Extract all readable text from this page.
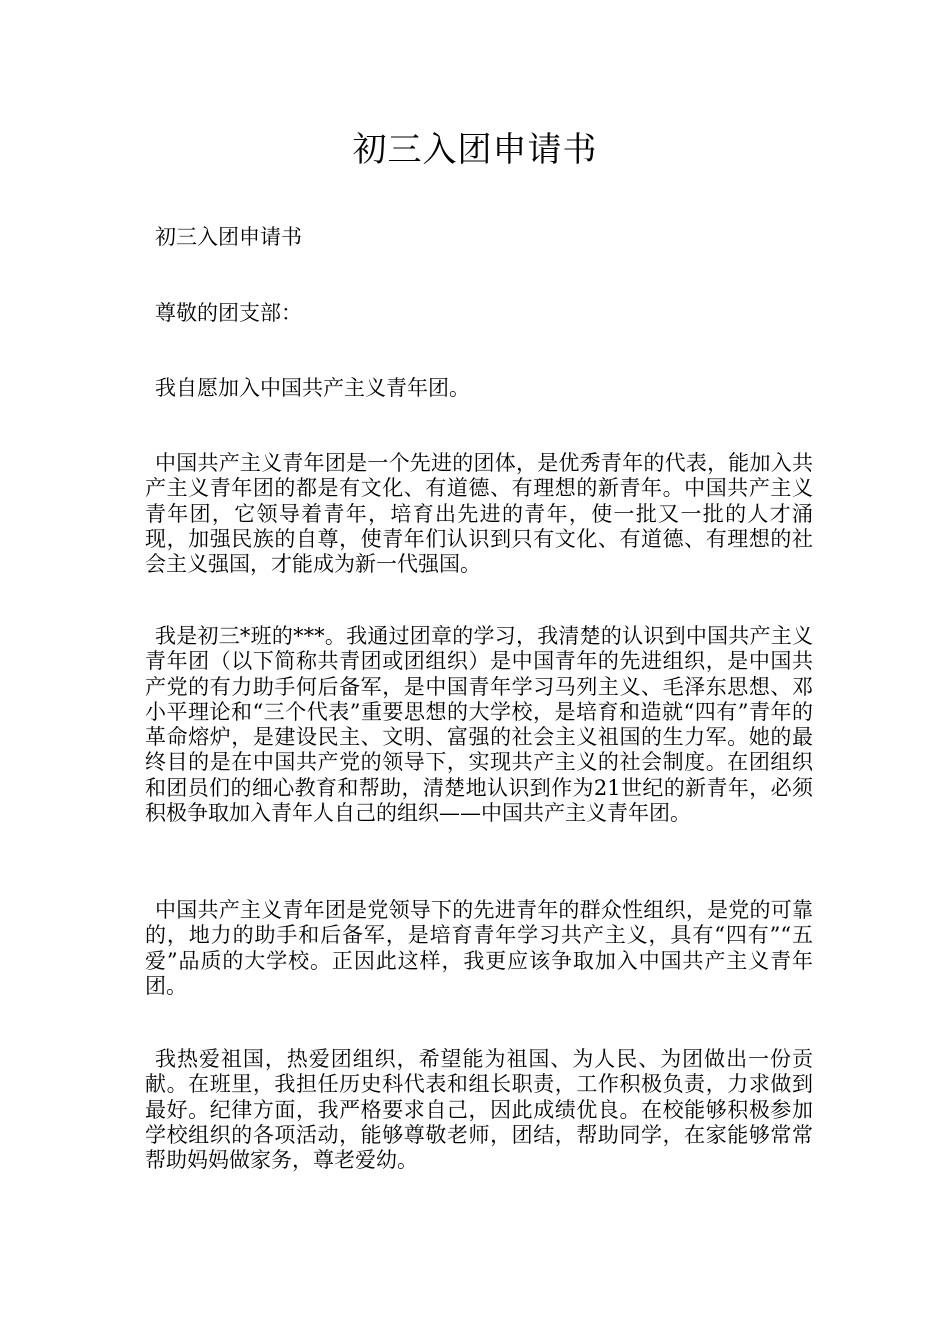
初三入团申请书
初三入团申请书
尊敬的团支部：
我自愿加入中国共产主义青年团。
中国共产主义青年团是一个先进的团体，是优秀青年的代表，能加入共产主义青年团的都是有文化、有道德、有理想的新青年。中国共产主义青年团，它领导着青年，培育出先进的青年，使一批又一批的人才涌现，加强民族的自尊，使青年们认识到只有文化、有道德、有理想的社会主义强国，才能成为新一代强国。
我是初三*班的***。我通过团章的学习，我清楚的认识到中国共产主义青年团（以下简称共青团或团组织）是中国青年的先进组织，是中国共产党的有力助手何后备军，是中国青年学习马列主义、毛泽东思想、邓小平理论和“三个代表”重要思想的大学校，是培育和造就“四有”青年的革命熔炉，是建设民主、文明、富强的社会主义祖国的生力军。她的最终目的是在中国共产党的领导下，实现共产主义的社会制度。在团组织和团员们的细心教育和帮助，清楚地认识到作为21世纪的新青年，必须积极争取加入青年人自己的组织——中国共产主义青年团。
中国共产主义青年团是党领导下的先进青年的群众性组织，是党的可靠的，地力的助手和后备军，是培育青年学习共产主义，具有“四有”“五爱”品质的大学校。正因此这样，我更应该争取加入中国共产主义青年团。
我热爱祖国，热爱团组织，希望能为祖国、为人民、为团做出一份贡献。在班里，我担任历史科代表和组长职责，工作积极负责，力求做到最好。纪律方面，我严格要求自己，因此成绩优良。在校能够积极参加学校组织的各项活动，能够尊敬老师，团结，帮助同学，在家能够常常帮助妈妈做家务，尊老爱幼。
